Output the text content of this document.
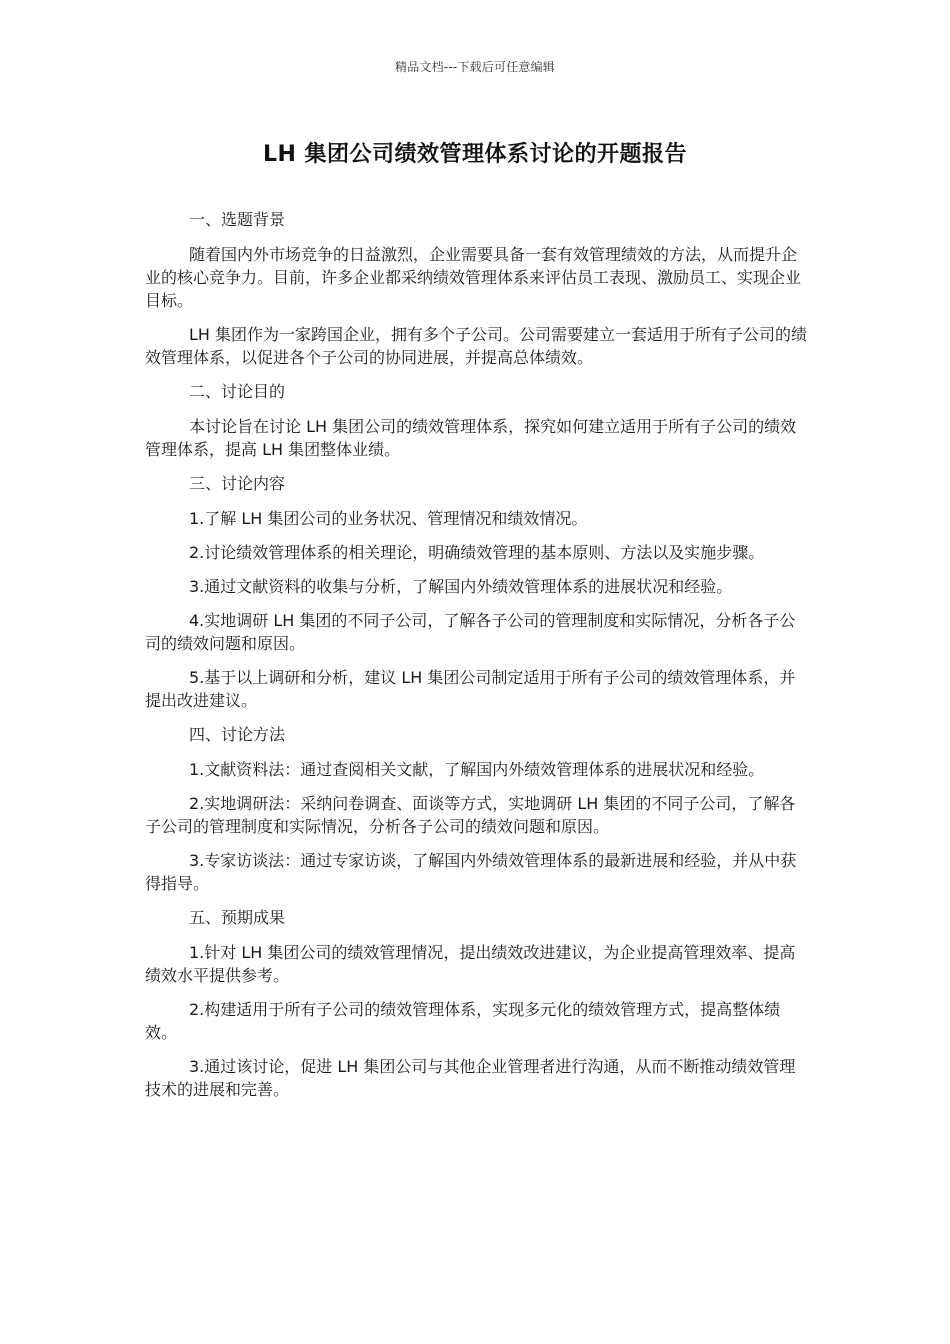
精品文档---下载后可任意编辑
LH 集团公司绩效管理体系讨论的开题报告

一、选题背景

随着国内外市场竞争的日益激烈，企业需要具备一套有效管理绩效的方法，从而提升企业的核心竞争力。目前，许多企业都采纳绩效管理体系来评估员工表现、激励员工、实现企业目标。

LH 集团作为一家跨国企业，拥有多个子公司。公司需要建立一套适用于所有子公司的绩效管理体系，以促进各个子公司的协同进展，并提高总体绩效。

二、讨论目的

本讨论旨在讨论 LH 集团公司的绩效管理体系，探究如何建立适用于所有子公司的绩效管理体系，提高 LH 集团整体业绩。

三、讨论内容

1.了解 LH 集团公司的业务状况、管理情况和绩效情况。

2.讨论绩效管理体系的相关理论，明确绩效管理的基本原则、方法以及实施步骤。

3.通过文献资料的收集与分析，了解国内外绩效管理体系的进展状况和经验。

4.实地调研 LH 集团的不同子公司，了解各子公司的管理制度和实际情况，分析各子公司的绩效问题和原因。

5.基于以上调研和分析，建议 LH 集团公司制定适用于所有子公司的绩效管理体系，并提出改进建议。

四、讨论方法

1.文献资料法：通过查阅相关文献，了解国内外绩效管理体系的进展状况和经验。

2.实地调研法：采纳问卷调查、面谈等方式，实地调研 LH 集团的不同子公司，了解各子公司的管理制度和实际情况，分析各子公司的绩效问题和原因。

3.专家访谈法：通过专家访谈，了解国内外绩效管理体系的最新进展和经验，并从中获得指导。

五、预期成果

1.针对 LH 集团公司的绩效管理情况，提出绩效改进建议，为企业提高管理效率、提高绩效水平提供参考。

2.构建适用于所有子公司的绩效管理体系，实现多元化的绩效管理方式，提高整体绩效。

3.通过该讨论，促进 LH 集团公司与其他企业管理者进行沟通，从而不断推动绩效管理技术的进展和完善。
